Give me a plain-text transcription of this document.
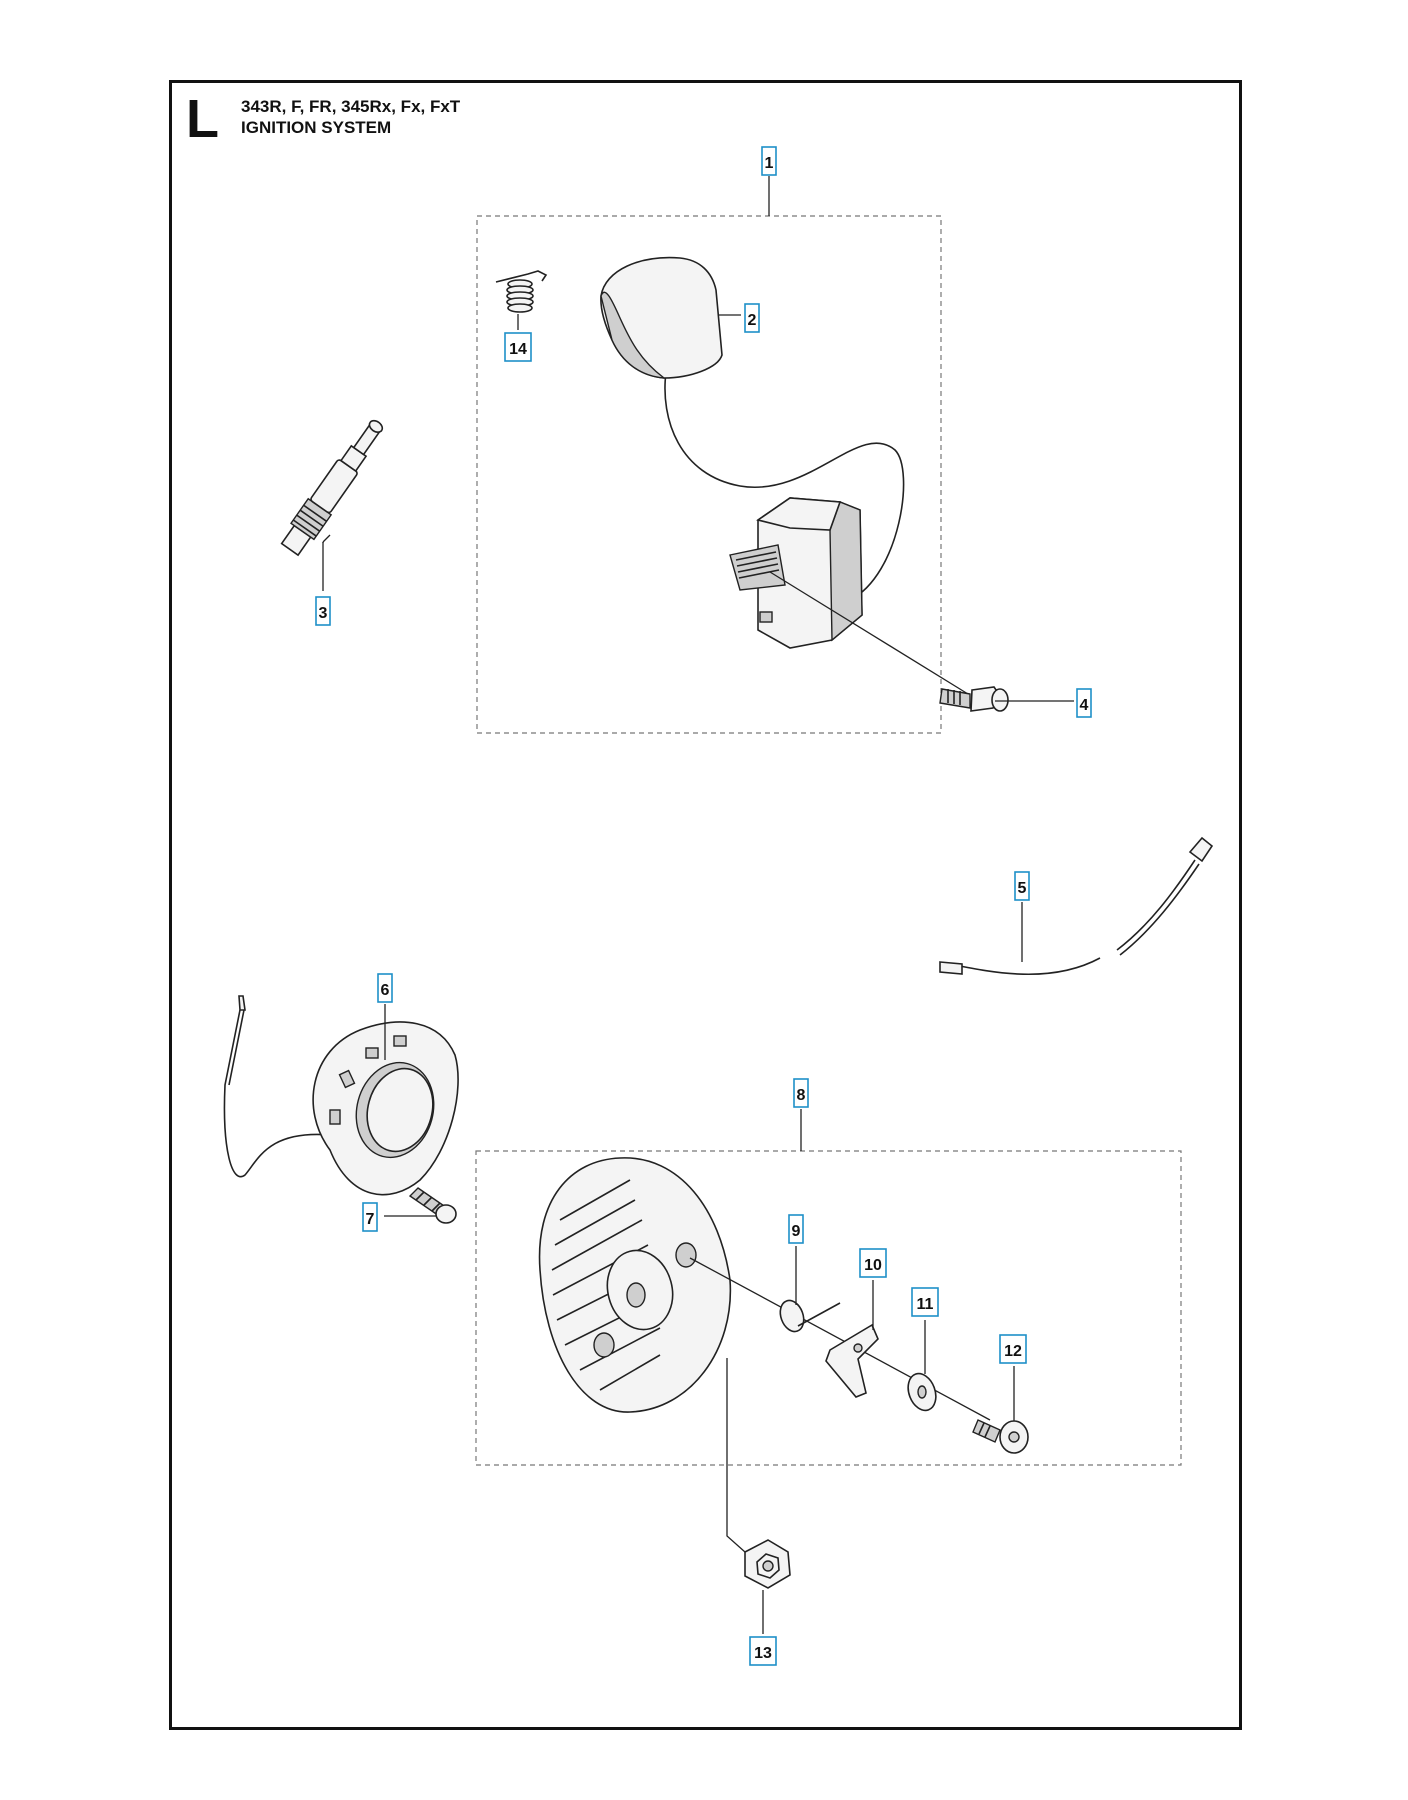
L 343R, F, FR, 345Rx, Fx, FxT
IGNITION SYSTEM
1
2
3
4
5
6
7
8
9
10
11
12
13
14
